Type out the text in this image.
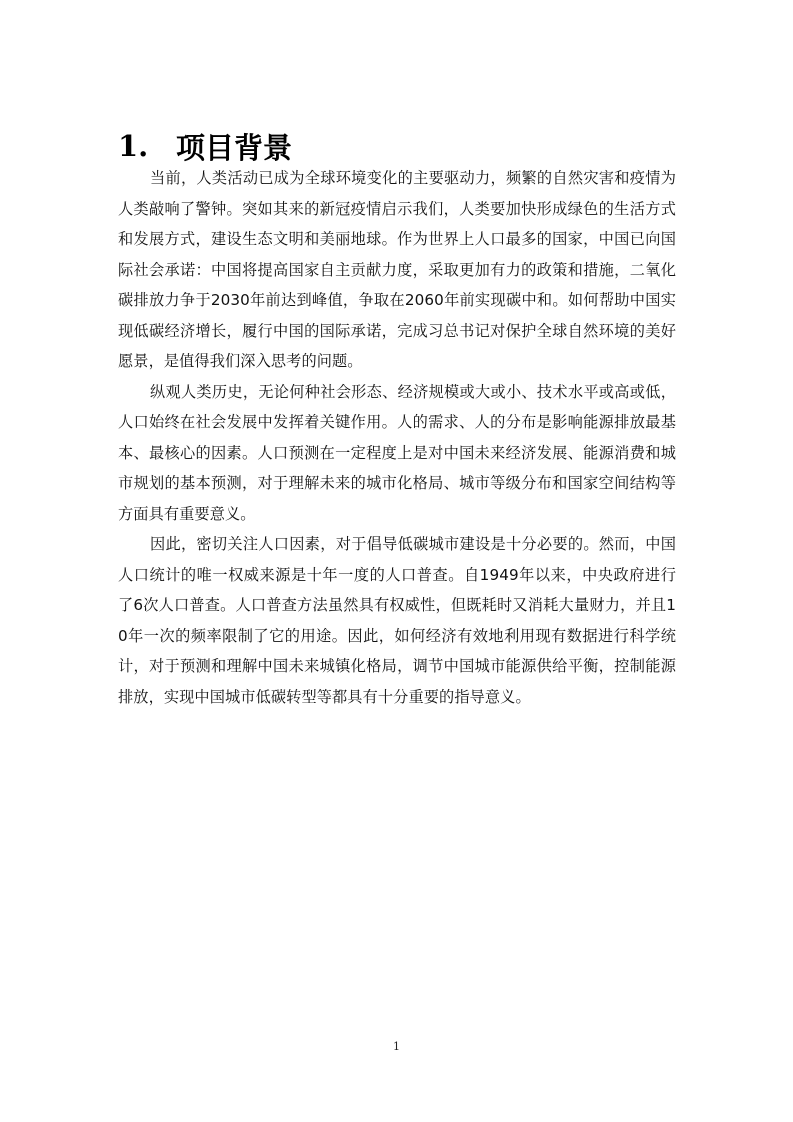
1. 项目背景

当前，人类活动已成为全球环境变化的主要驱动力，频繁的自然灾害和疫情为人类敲响了警钟。突如其来的新冠疫情启示我们，人类要加快形成绿色的生活方式和发展方式，建设生态文明和美丽地球。作为世界上人口最多的国家，中国已向国际社会承诺：中国将提高国家自主贡献力度，采取更加有力的政策和措施，二氧化碳排放力争于2030年前达到峰值，争取在2060年前实现碳中和。如何帮助中国实现低碳经济增长，履行中国的国际承诺，完成习总书记对保护全球自然环境的美好愿景，是值得我们深入思考的问题。

纵观人类历史，无论何种社会形态、经济规模或大或小、技术水平或高或低，人口始终在社会发展中发挥着关键作用。人的需求、人的分布是影响能源排放最基本、最核心的因素。人口预测在一定程度上是对中国未来经济发展、能源消费和城市规划的基本预测，对于理解未来的城市化格局、城市等级分布和国家空间结构等方面具有重要意义。

因此，密切关注人口因素，对于倡导低碳城市建设是十分必要的。然而，中国人口统计的唯一权威来源是十年一度的人口普查。自1949年以来，中央政府进行了6次人口普查。人口普查方法虽然具有权威性，但既耗时又消耗大量财力，并且10年一次的频率限制了它的用途。因此，如何经济有效地利用现有数据进行科学统计，对于预测和理解中国未来城镇化格局，调节中国城市能源供给平衡，控制能源排放，实现中国城市低碳转型等都具有十分重要的指导意义。

1
